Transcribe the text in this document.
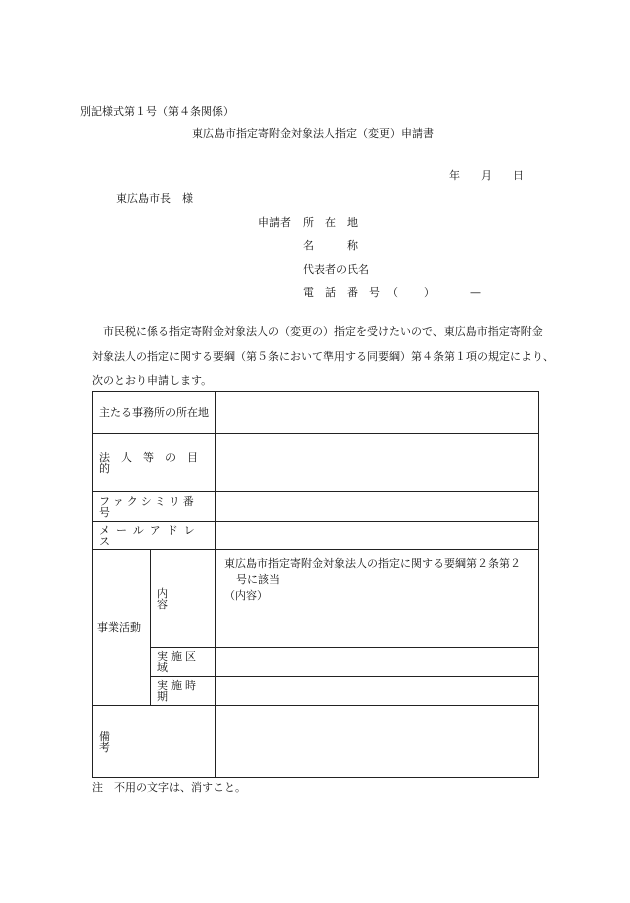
別記様式第１号（第４条関係）
東広島市指定寄附金対象法人指定（変更）申請書
年 月 日
東広島市長　様
申請者 所　在　地
名　　　称
代表者の氏名
電　話　番　号 （ ）	—
市民税に係る指定寄附金対象法人の（変更の）指定を受けたいので、東広島市指定寄附金
対象法人の指定に関する要綱（第５条において準用する同要綱）第４条第１項の規定により、
次のとおり申請します。
主たる事務所の所在地		

法　人　等　の　目　的		

ファクシミリ番号		

メールアドレス		

事業活動	内　容	東広島市指定寄附金対象法人の指定に関する要綱第２条第２
号に該当
（内容）

	実施区域	

	実施時期	

備　　考		

注　不用の文字は、消すこと。
